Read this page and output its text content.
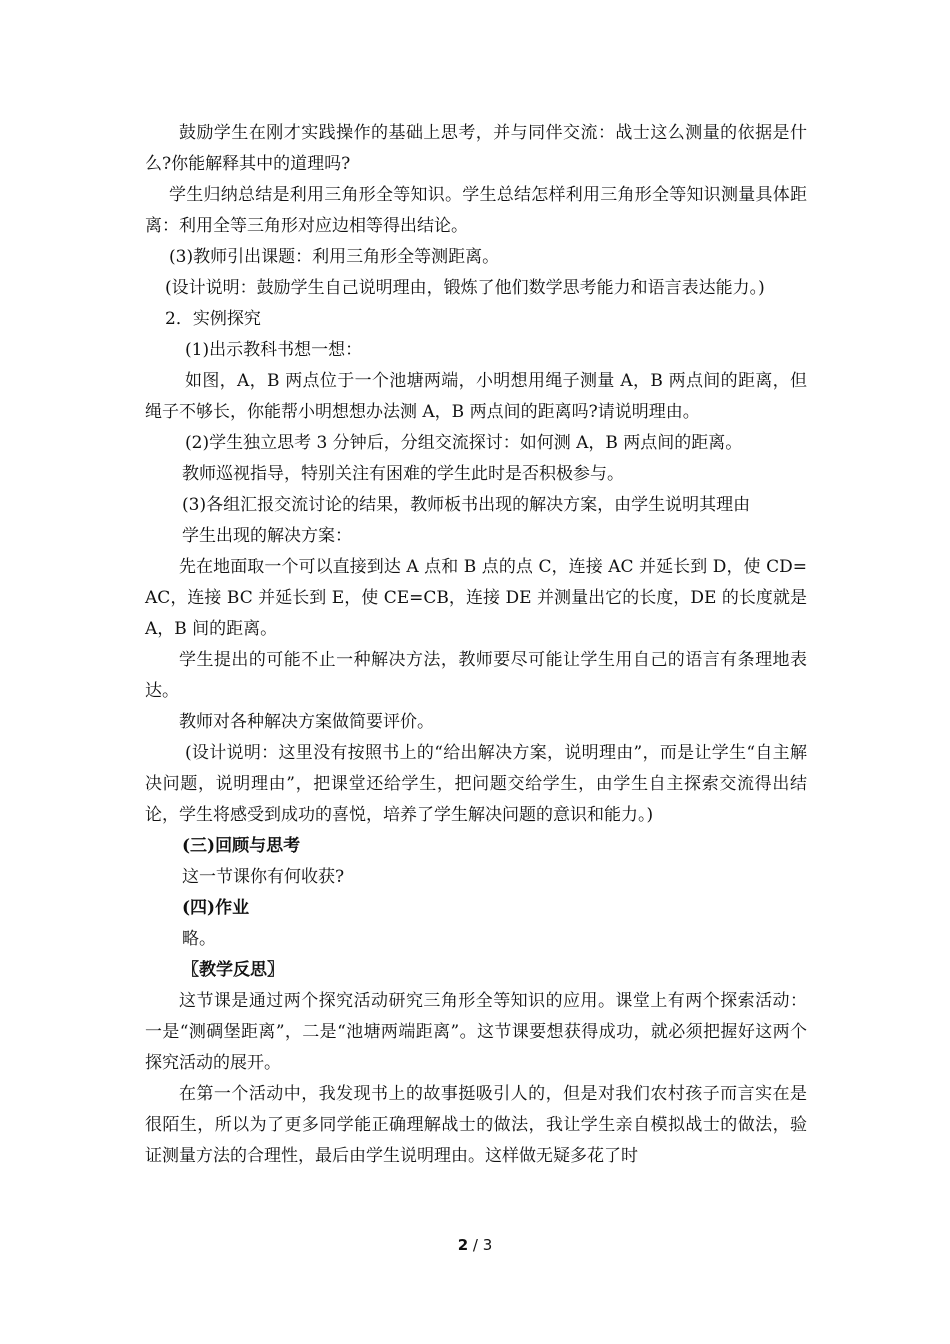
鼓励学生在刚才实践操作的基础上思考，并与同伴交流：战士这么测量的依据是什么?你能解释其中的道理吗?

学生归纳总结是利用三角形全等知识。学生总结怎样利用三角形全等知识测量具体距离：利用全等三角形对应边相等得出结论。

(3)教师引出课题：利用三角形全等测距离。

(设计说明：鼓励学生自己说明理由，锻炼了他们数学思考能力和语言表达能力。)

2．实例探究

(1)出示教科书想一想：

如图，A，B 两点位于一个池塘两端，小明想用绳子测量 A，B 两点间的距离，但绳子不够长，你能帮小明想想办法测 A，B 两点间的距离吗?请说明理由。

(2)学生独立思考 3 分钟后，分组交流探讨：如何测 A，B 两点间的距离。

教师巡视指导，特别关注有困难的学生此时是否积极参与。

(3)各组汇报交流讨论的结果，教师板书出现的解决方案，由学生说明其理由

学生出现的解决方案：

先在地面取一个可以直接到达 A 点和 B 点的点 C，连接 AC 并延长到 D，使 CD=AC，连接 BC 并延长到 E，使 CE=CB，连接 DE 并测量出它的长度，DE 的长度就是 A，B 间的距离。

学生提出的可能不止一种解决方法，教师要尽可能让学生用自己的语言有条理地表达。

教师对各种解决方案做简要评价。

(设计说明：这里没有按照书上的“给出解决方案，说明理由”，而是让学生“自主解决问题，说明理由”，把课堂还给学生，把问题交给学生，由学生自主探索交流得出结论，学生将感受到成功的喜悦，培养了学生解决问题的意识和能力。)

(三)回顾与思考

这一节课你有何收获?

(四)作业

略。

〖教学反思〗

这节课是通过两个探究活动研究三角形全等知识的应用。课堂上有两个探索活动：一是“测碉堡距离”，二是“池塘两端距离”。这节课要想获得成功，就必须把握好这两个探究活动的展开。

在第一个活动中，我发现书上的故事挺吸引人的，但是对我们农村孩子而言实在是很陌生，所以为了更多同学能正确理解战士的做法，我让学生亲自模拟战士的做法，验证测量方法的合理性，最后由学生说明理由。这样做无疑多花了时

2 / 3
